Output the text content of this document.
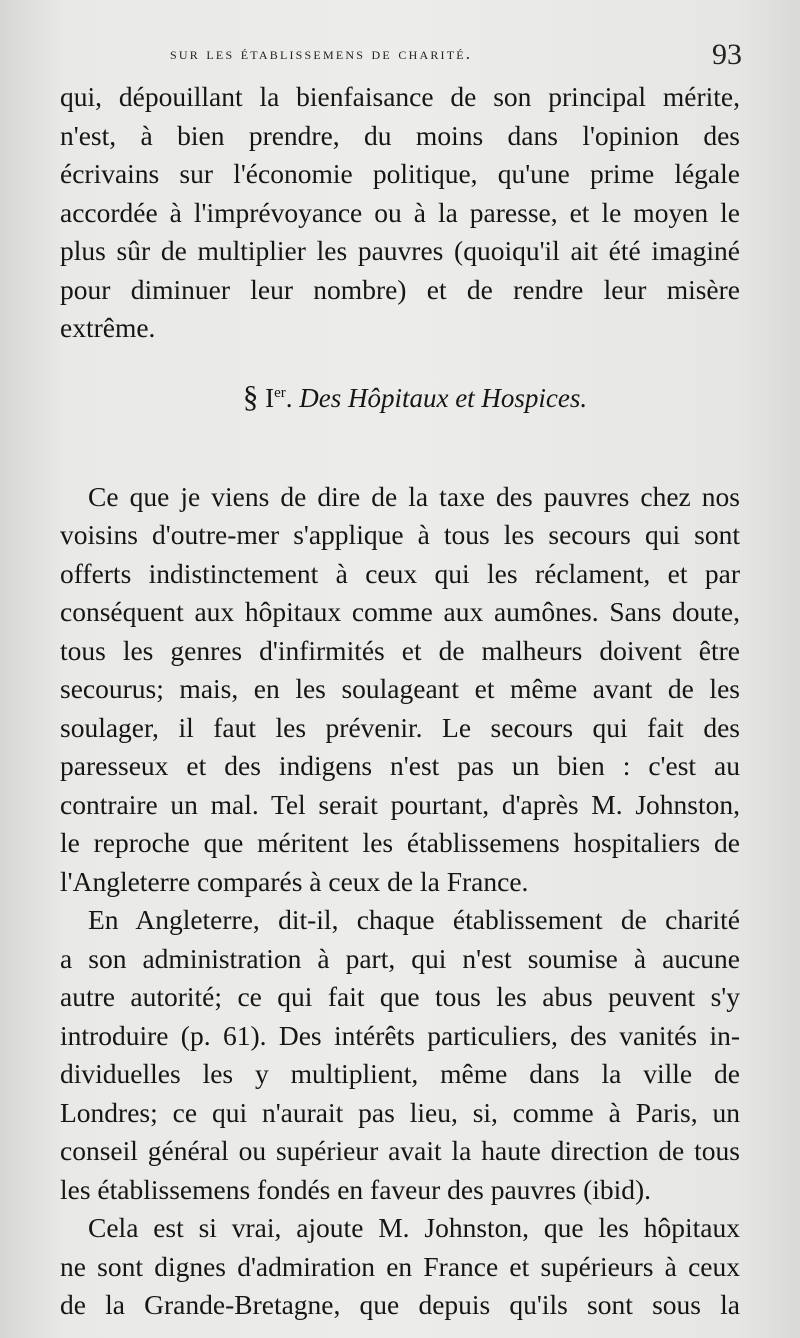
sur les établissemens de charité.	93
qui, dépouillant la bienfaisance de son principal mérite,
n'est, à bien prendre, du moins dans l'opinion des
écrivains sur l'économie politique, qu'une prime légale
accordée à l'imprévoyance ou à la paresse, et le moyen le
plus sûr de multiplier les pauvres (quoiqu'il ait été imaginé
pour diminuer leur nombre) et de rendre leur misère
extrême.
§ Ier. Des Hôpitaux et Hospices.
Ce que je viens de dire de la taxe des pauvres chez nos
voisins d'outre-mer s'applique à tous les secours qui sont
offerts indistinctement à ceux qui les réclament, et par
conséquent aux hôpitaux comme aux aumônes. Sans doute,
tous les genres d'infirmités et de malheurs doivent être
secourus; mais, en les soulageant et même avant de les
soulager, il faut les prévenir. Le secours qui fait des
paresseux et des indigens n'est pas un bien : c'est au
contraire un mal. Tel serait pourtant, d'après M. Johnston,
le reproche que méritent les établissemens hospitaliers de
l'Angleterre comparés à ceux de la France.
En Angleterre, dit-il, chaque établissement de charité
a son administration à part, qui n'est soumise à aucune
autre autorité; ce qui fait que tous les abus peuvent s'y
introduire (p. 61). Des intérêts particuliers, des vanités in-
dividuelles les y multiplient, même dans la ville de
Londres; ce qui n'aurait pas lieu, si, comme à Paris, un
conseil général ou supérieur avait la haute direction de tous
les établissemens fondés en faveur des pauvres (ibid).
Cela est si vrai, ajoute M. Johnston, que les hôpitaux
ne sont dignes d'admiration en France et supérieurs à ceux
de la Grande-Bretagne, que depuis qu'ils sont sous la
